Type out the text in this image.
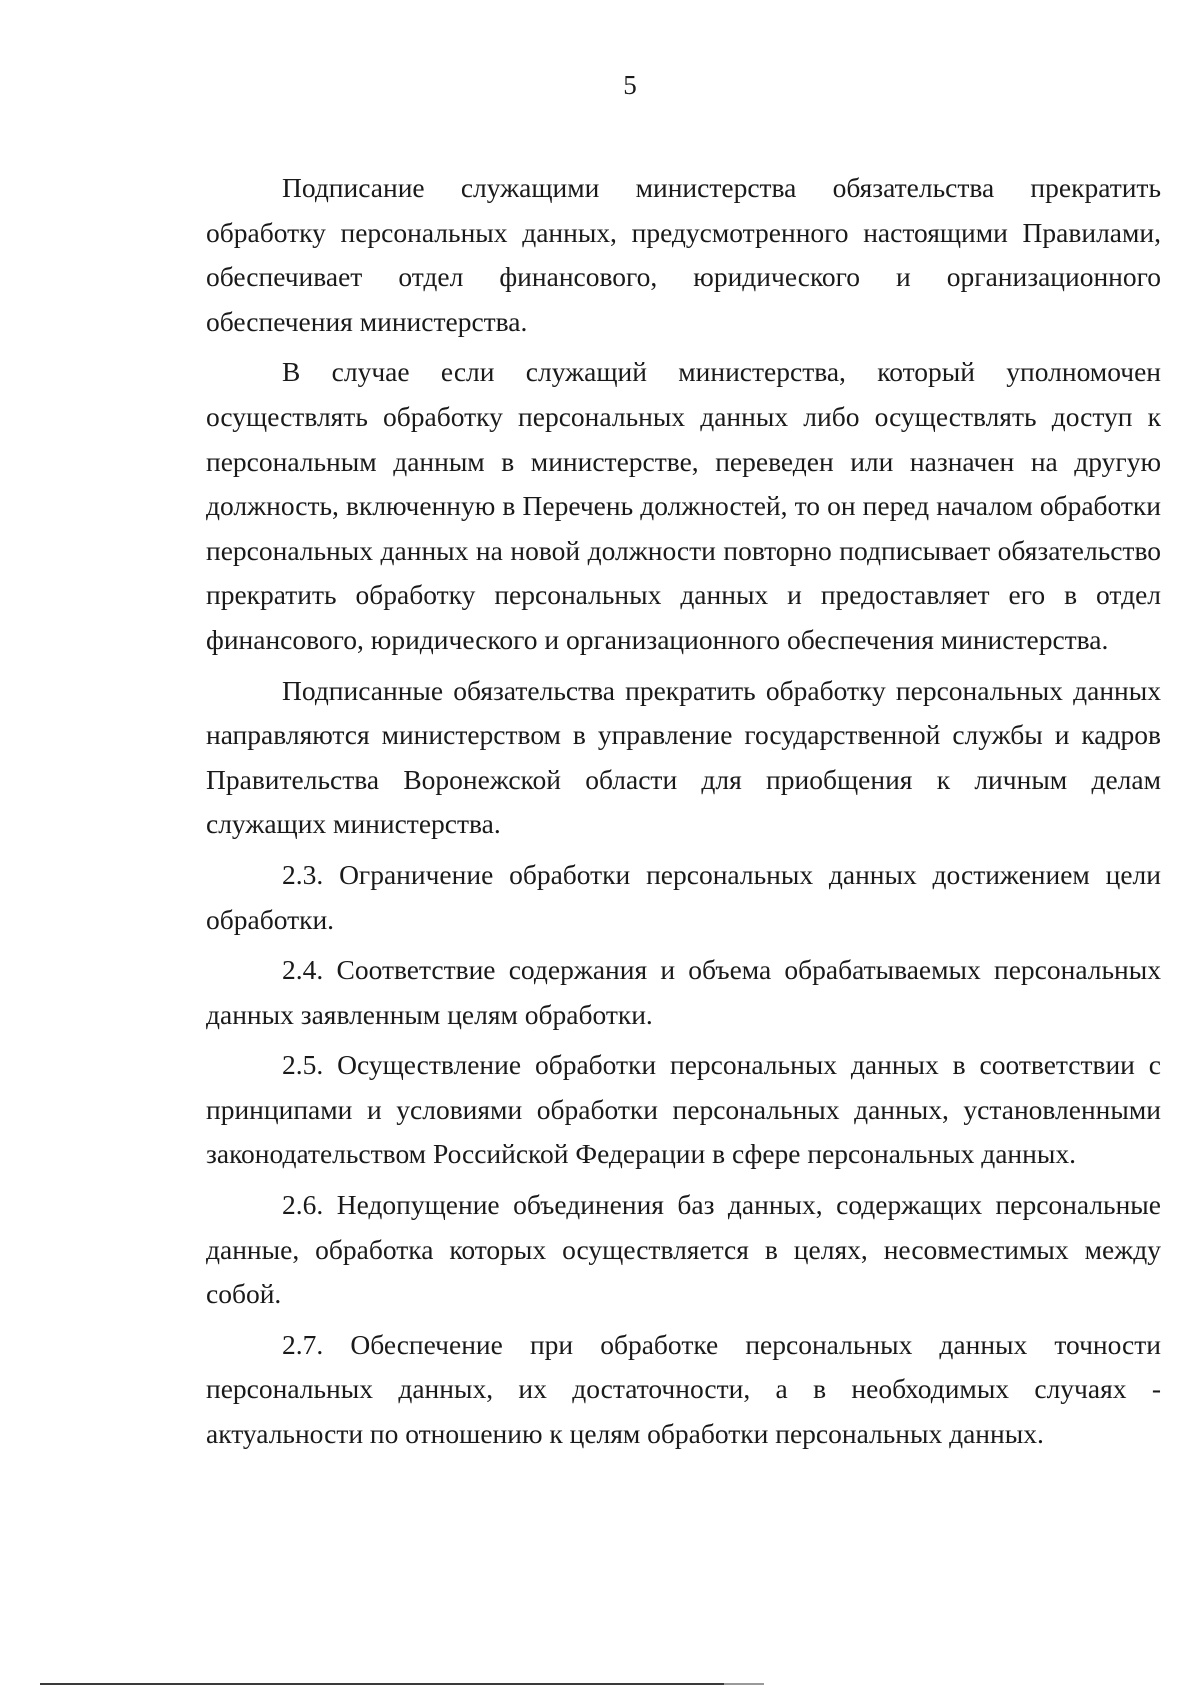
5

Подписание служащими министерства обязательства прекратить обработку персональных данных, предусмотренного настоящими Правилами, обеспечивает отдел финансового, юридического и организационного обеспечения министерства.

В случае если служащий министерства, который уполномочен осуществлять обработку персональных данных либо осуществлять доступ к персональным данным в министерстве, переведен или назначен на другую должность, включенную в Перечень должностей, то он перед началом обработки персональных данных на новой должности повторно подписывает обязательство прекратить обработку персональных данных и предоставляет его в отдел финансового, юридического и организационного обеспечения министерства.

Подписанные обязательства прекратить обработку персональных данных направляются министерством в управление государственной службы и кадров Правительства Воронежской области для приобщения к личным делам служащих министерства.

2.3. Ограничение обработки персональных данных достижением цели обработки.

2.4. Соответствие содержания и объема обрабатываемых персональных данных заявленным целям обработки.

2.5. Осуществление обработки персональных данных в соответствии с принципами и условиями обработки персональных данных, установленными законодательством Российской Федерации в сфере персональных данных.

2.6. Недопущение объединения баз данных, содержащих персональные данные, обработка которых осуществляется в целях, несовместимых между собой.

2.7. Обеспечение при обработке персональных данных точности персональных данных, их достаточности, а в необходимых случаях - актуальности по отношению к целям обработки персональных данных.
